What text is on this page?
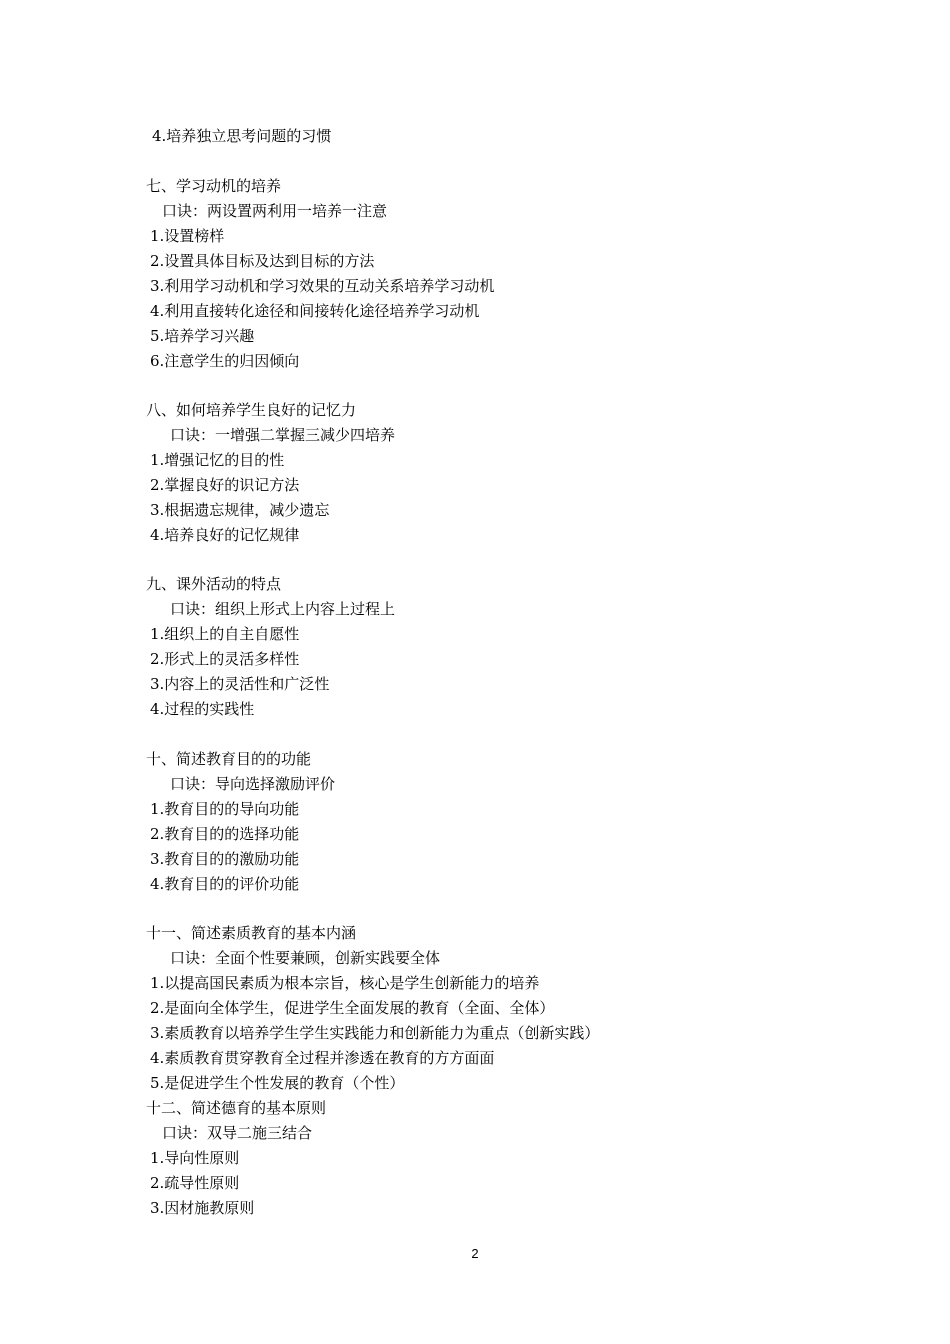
4.培养独立思考问题的习惯
七、学习动机的培养
口诀：两设置两利用一培养一注意
1.设置榜样
2.设置具体目标及达到目标的方法
3.利用学习动机和学习效果的互动关系培养学习动机
4.利用直接转化途径和间接转化途径培养学习动机
5.培养学习兴趣
6.注意学生的归因倾向
八、如何培养学生良好的记忆力
口诀：一增强二掌握三减少四培养
1.增强记忆的目的性
2.掌握良好的识记方法
3.根据遗忘规律，减少遗忘
4.培养良好的记忆规律
九、课外活动的特点
口诀：组织上形式上内容上过程上
1.组织上的自主自愿性
2.形式上的灵活多样性
3.内容上的灵活性和广泛性
4.过程的实践性
十、简述教育目的的功能
口诀：导向选择激励评价
1.教育目的的导向功能
2.教育目的的选择功能
3.教育目的的激励功能
4.教育目的的评价功能
十一、简述素质教育的基本内涵
口诀：全面个性要兼顾，创新实践要全体
1.以提高国民素质为根本宗旨，核心是学生创新能力的培养
2.是面向全体学生，促进学生全面发展的教育（全面、全体）
3.素质教育以培养学生学生实践能力和创新能力为重点（创新实践）
4.素质教育贯穿教育全过程并渗透在教育的方方面面
5.是促进学生个性发展的教育（个性）
十二、简述德育的基本原则
口诀：双导二施三结合
1.导向性原则
2.疏导性原则
3.因材施教原则
2
